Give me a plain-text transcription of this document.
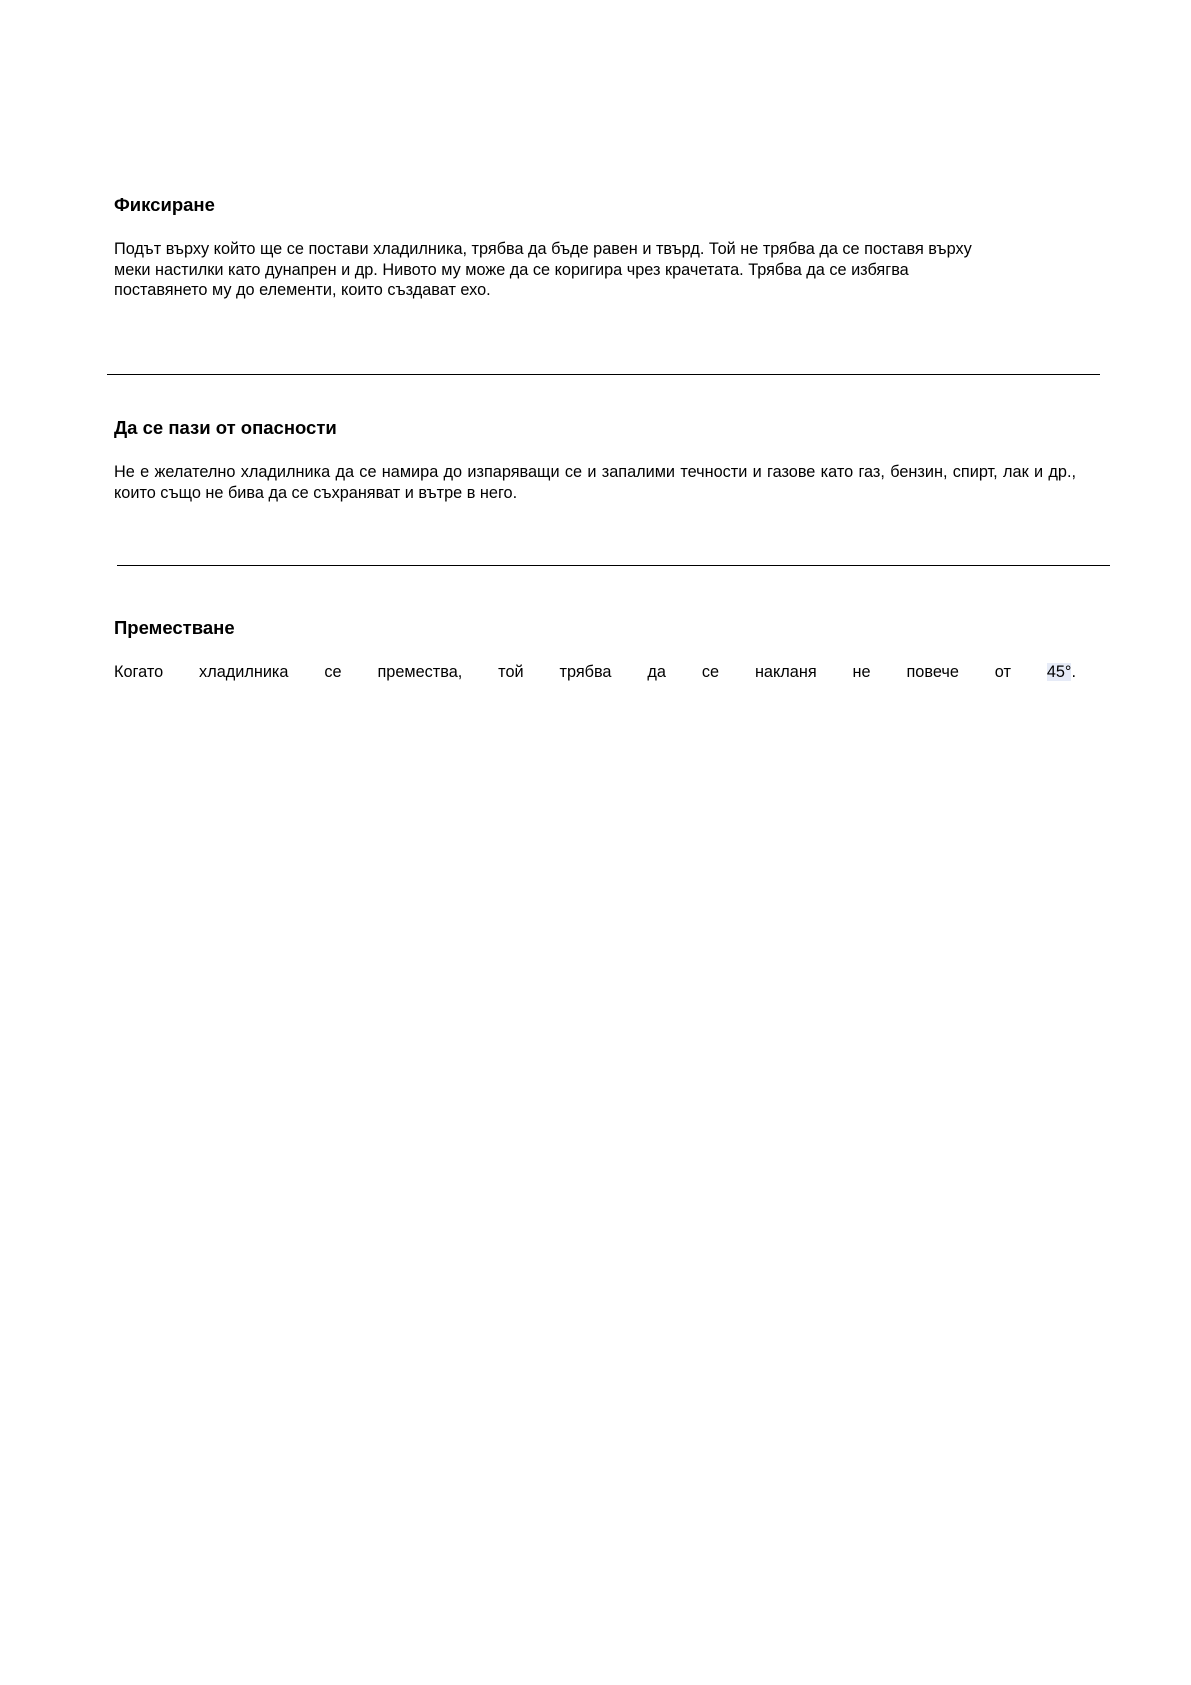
Фиксиране
Подът върху който ще се постави хладилника, трябва да бъде равен и твърд. Той не трябва да се поставя върху
меки настилки като дунапрен и др. Нивото му може да се коригира чрез крачетата. Трябва да се избягва
поставянето му до елементи, които създават ехо.
Да се пази от опасности

Не е желателно хладилника да се намира до изпаряващи се и запалими течности и газове като газ, бензин, спирт, лак и др., които също не бива да се съхраняват и вътре в него.

Преместване
Когато хладилника се премества, той трябва да се накланя не повече от 45°.
